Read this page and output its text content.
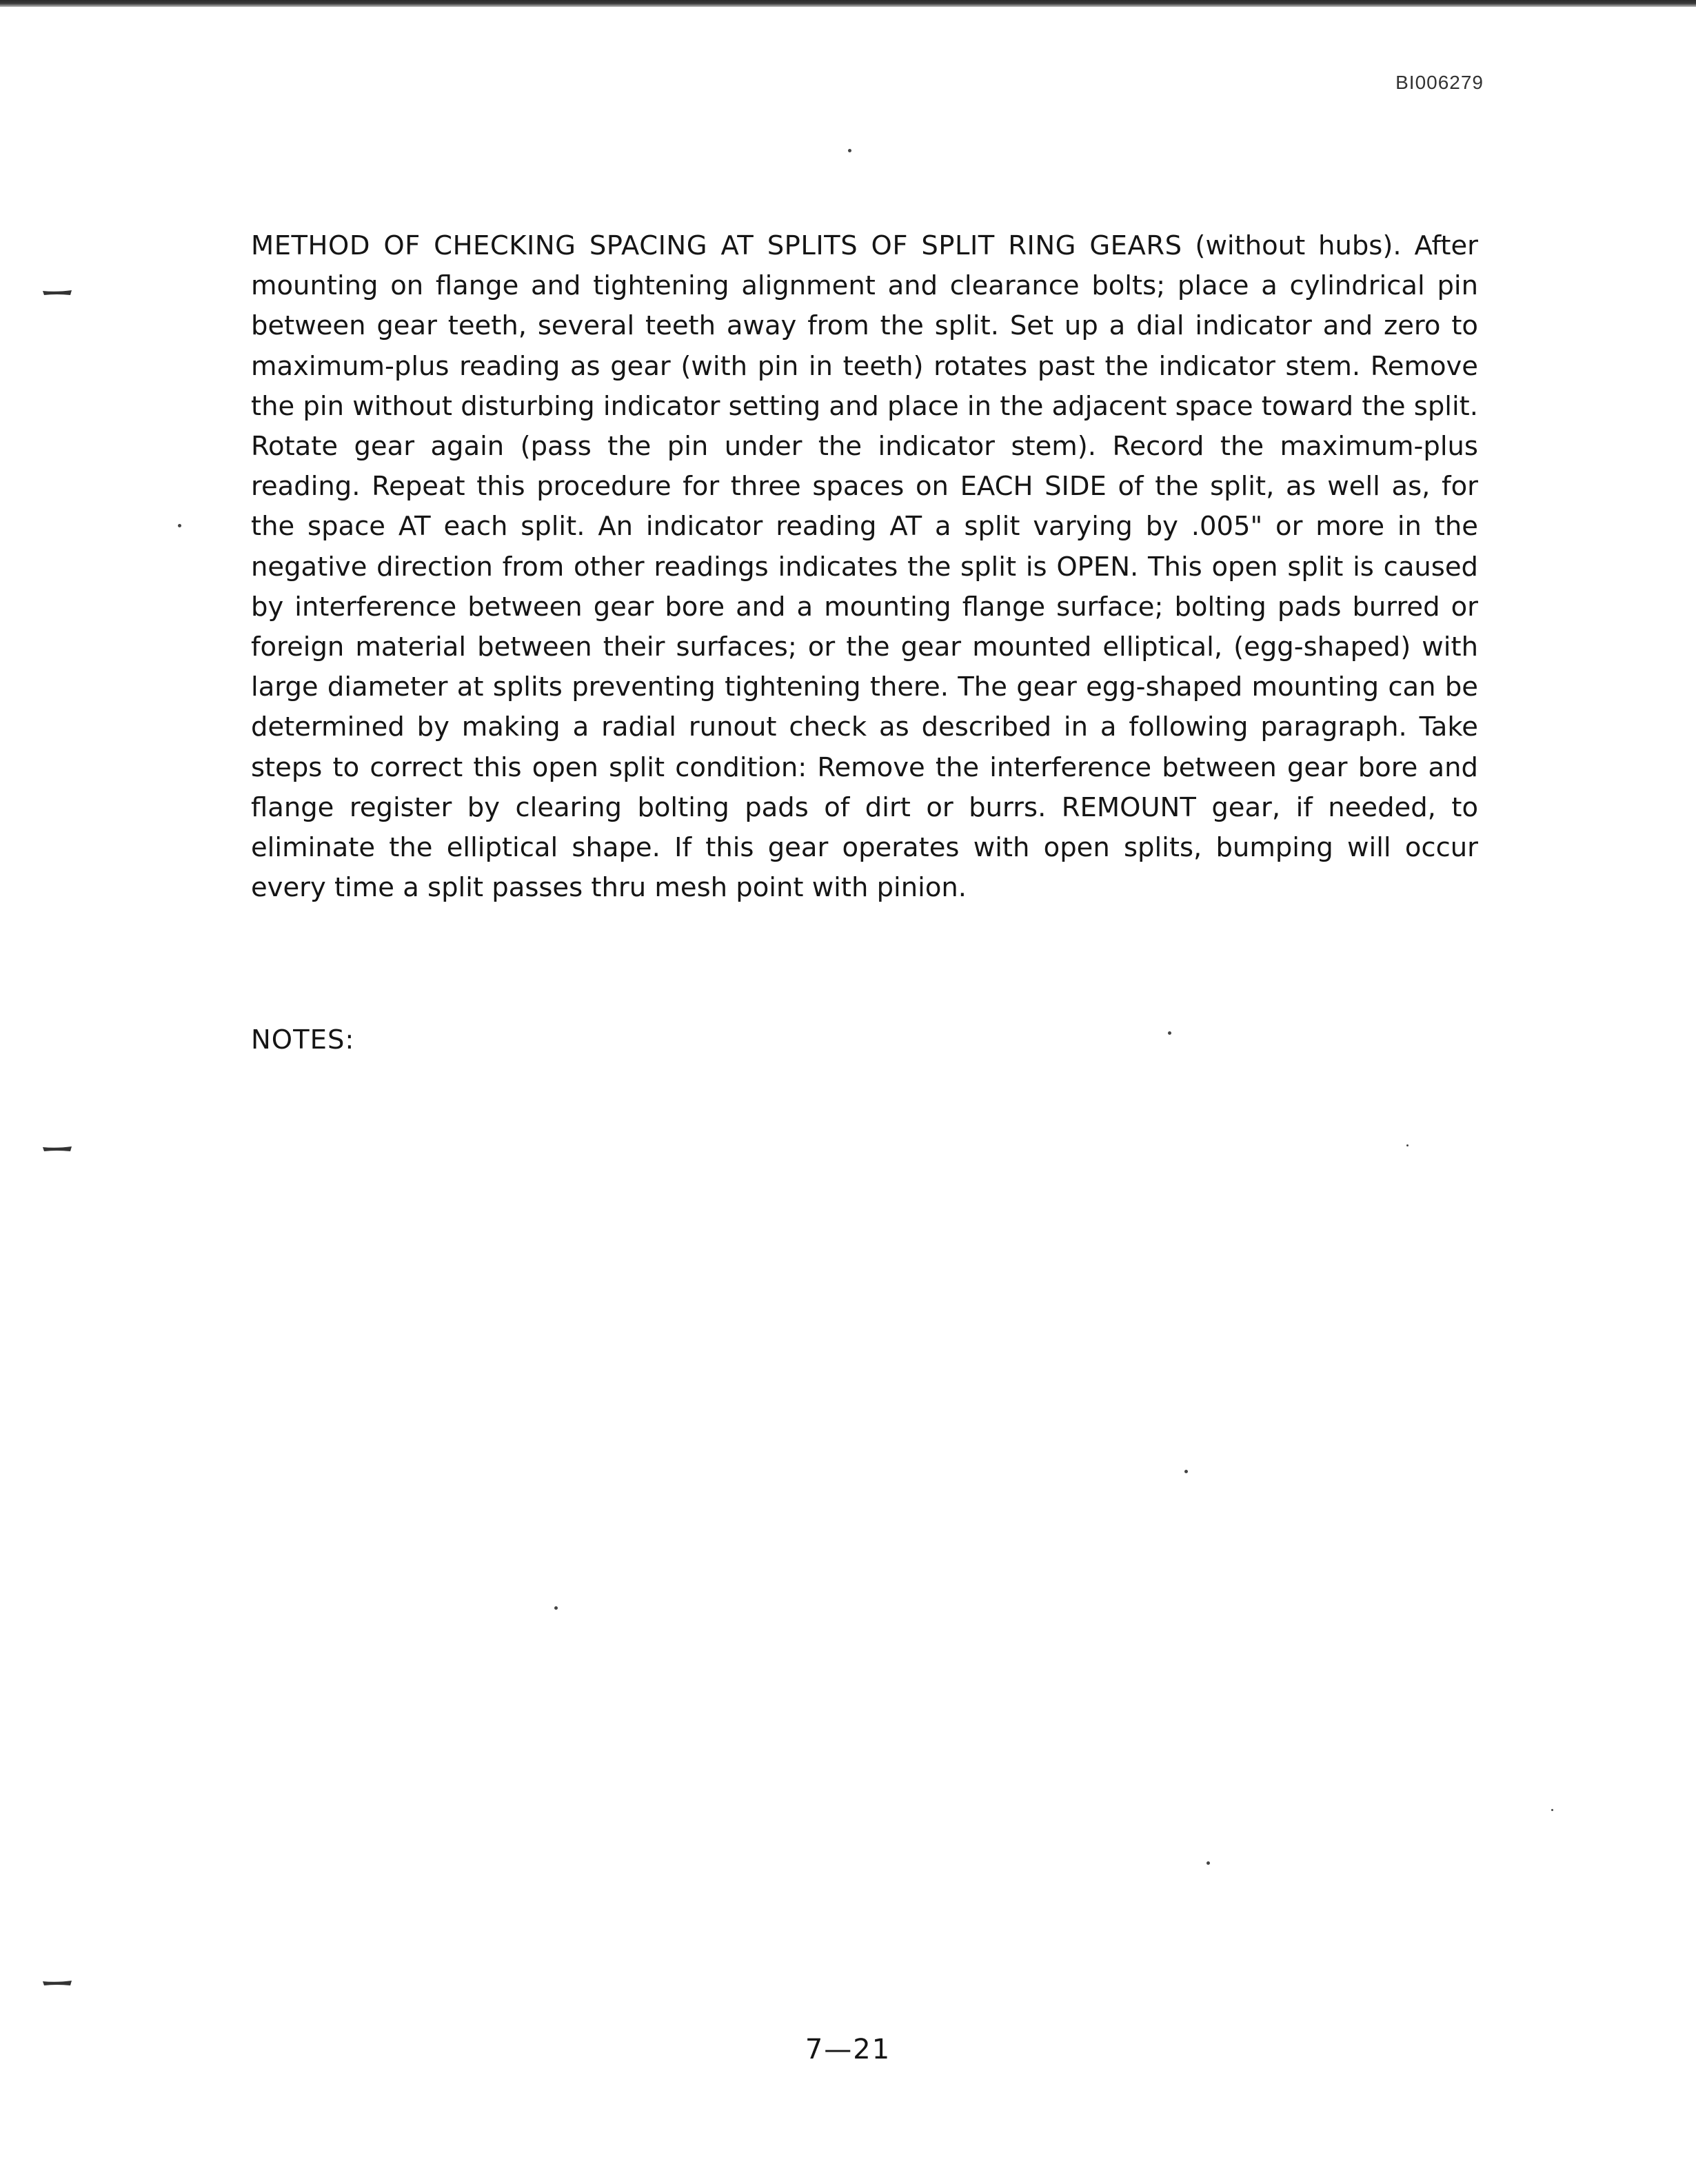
BI006279
METHOD OF CHECKING SPACING AT SPLITS OF SPLIT RING GEARS (without hubs). After mounting on flange and tightening alignment and clearance bolts; place a cylindrical pin between gear teeth, several teeth away from the split. Set up a dial indicator and zero to maximum-plus reading as gear (with pin in teeth) rotates past the indicator stem. Remove the pin without disturbing indicator setting and place in the adjacent space toward the split. Rotate gear again (pass the pin under the indicator stem). Record the maximum-plus reading. Repeat this procedure for three spaces on EACH SIDE of the split, as well as, for the space AT each split. An indicator reading AT a split varying by .005" or more in the negative direction from other readings indicates the split is OPEN. This open split is caused by interference between gear bore and a mounting flange surface; bolting pads burred or foreign material between their surfaces; or the gear mounted elliptical, (egg-shaped) with large diameter at splits preventing tightening there. The gear egg-shaped mounting can be determined by making a radial runout check as described in a following paragraph. Take steps to correct this open split condition: Remove the interference between gear bore and flange register by clearing bolting pads of dirt or burrs. REMOUNT gear, if needed, to eliminate the elliptical shape. If this gear operates with open splits, bumping will occur every time a split passes thru mesh point with pinion.
NOTES:
7—21
